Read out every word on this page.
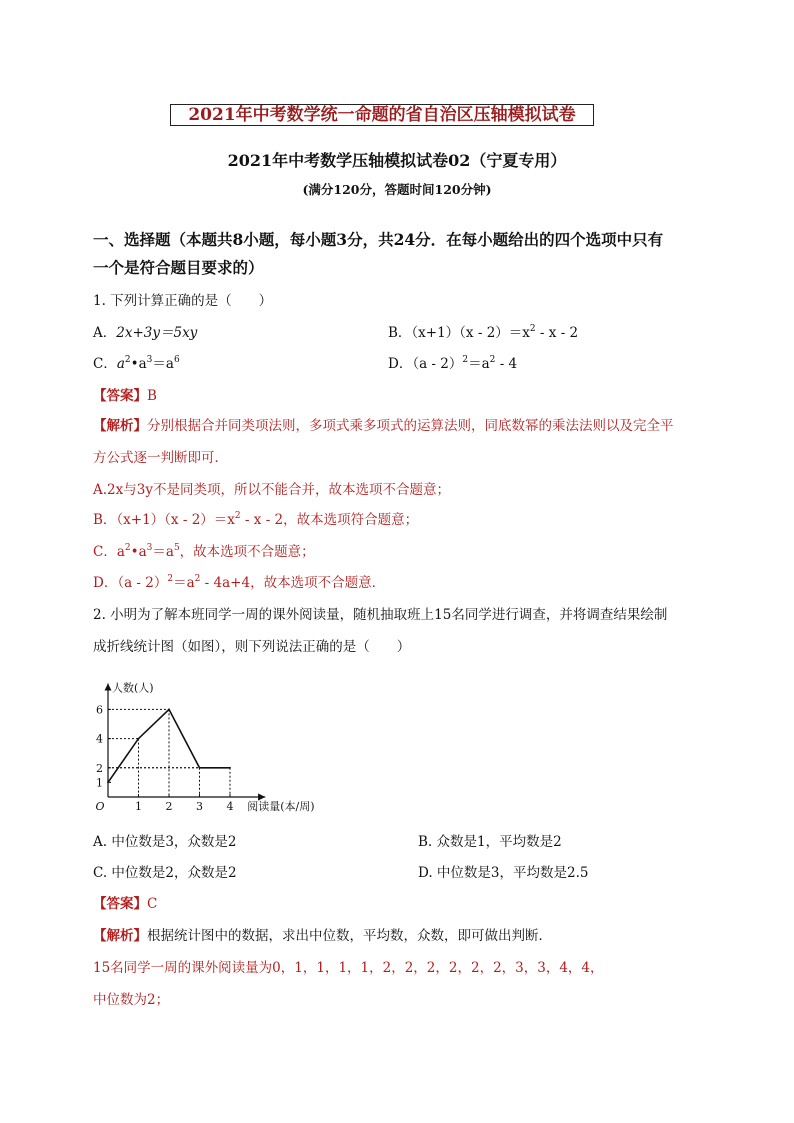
2021年中考数学统一命题的省自治区压轴模拟试卷
2021年中考数学压轴模拟试卷02（宁夏专用）
(满分120分，答题时间120分钟)
一、选择题（本题共8小题，每小题3分，共24分．在每小题给出的四个选项中只有
一个是符合题目要求的）
1. 下列计算正确的是（　　）
A．2x+3y＝5xy	B．$(x+1)(x - 2)=x^2 - x - 2$
C．$a^2•a^3=a^6$	D．$(a - 2)^2=a^2 - 4$
【答案】B
【解析】分别根据合并同类项法则，多项式乘多项式的运算法则，同底数幂的乘法法则以及完全平
方公式逐一判断即可．
A.2x与3y不是同类项，所以不能合并，故本选项不合题意；
B．$(x+1)(x - 2)=x^2 - x - 2$，故本选项符合题意；
C．$a^2•a^3=a^5$，故本选项不合题意；
D．$(a - 2)^2=a^2 - 4a+4$，故本选项不合题意．
2. 小明为了解本班同学一周的课外阅读量，随机抽取班上15名同学进行调查，并将调查结果绘制
成折线统计图（如图），则下列说法正确的是（　　）
1 2 3 4
1
2
4
6
O
人数(人)
阅读量(本/周)
A. 中位数是3，众数是2	B. 众数是1，平均数是2
C. 中位数是2，众数是2	D. 中位数是3，平均数是2.5
【答案】C
【解析】根据统计图中的数据，求出中位数，平均数，众数，即可做出判断．
15名同学一周的课外阅读量为0，1，1，1，1，2，2，2，2，2，2，3，3，4，4，
中位数为2；
